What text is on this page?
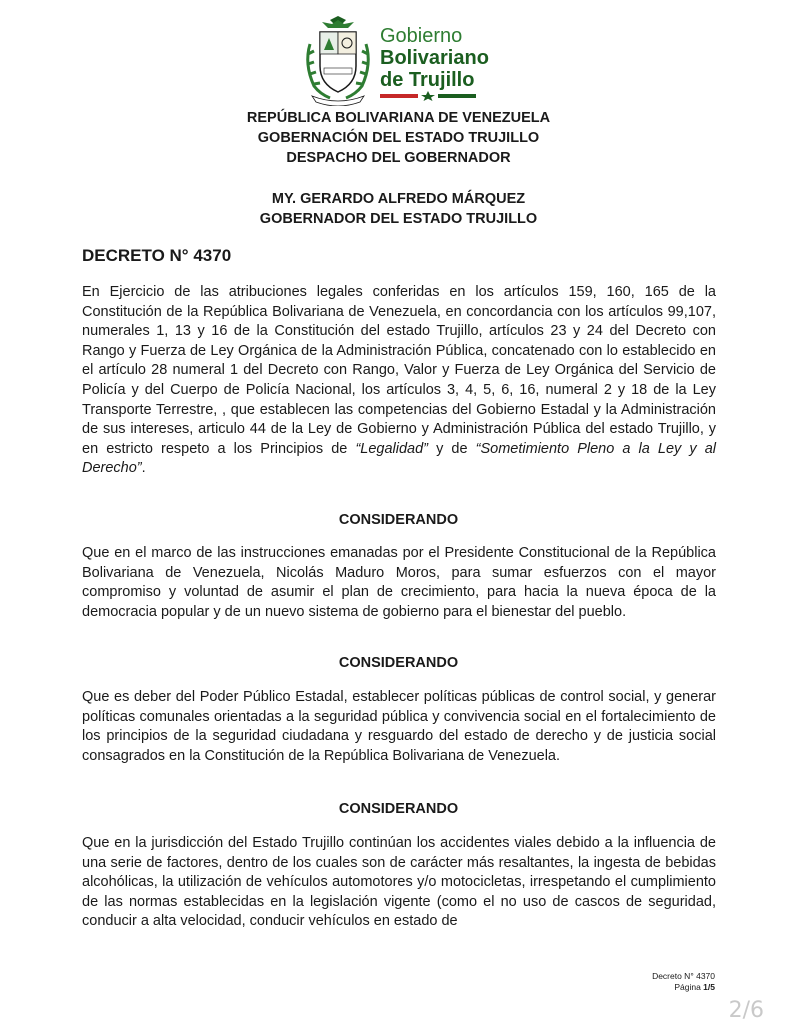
Gobierno
Bolivariano
de Trujillo
REPÚBLICA BOLIVARIANA DE VENEZUELA
GOBERNACIÓN DEL ESTADO TRUJILLO
DESPACHO DEL GOBERNADOR
MY. GERARDO ALFREDO MÁRQUEZ
GOBERNADOR DEL ESTADO TRUJILLO
DECRETO N° 4370

En Ejercicio de las atribuciones legales conferidas en los artículos 159, 160, 165 de la Constitución de la República Bolivariana de Venezuela, en concordancia con los artículos 99,107, numerales 1, 13 y 16 de la Constitución del estado Trujillo, artículos 23 y 24 del Decreto con Rango y Fuerza de Ley Orgánica de la Administración Pública, concatenado con lo establecido en el artículo 28 numeral 1 del Decreto con Rango, Valor y Fuerza de Ley Orgánica del Servicio de Policía y del Cuerpo de Policía Nacional, los artículos 3, 4, 5, 6, 16, numeral 2 y 18 de la Ley Transporte Terrestre, , que establecen las competencias del Gobierno Estadal y la Administración de sus intereses, articulo 44 de la Ley de Gobierno y Administración Pública del estado Trujillo, y en estricto respeto a los Principios de “Legalidad” y de “Sometimiento Pleno a la Ley y al Derecho”.

CONSIDERANDO

Que en el marco de las instrucciones emanadas por el Presidente Constitucional de la República Bolivariana de Venezuela, Nicolás Maduro Moros, para sumar esfuerzos con el mayor compromiso y voluntad de asumir el plan de crecimiento, para hacia la nueva época de la democracia popular y de un nuevo sistema de gobierno para el bienestar del pueblo.

CONSIDERANDO

Que es deber del Poder Público Estadal, establecer políticas públicas de control social, y generar políticas comunales orientadas a la seguridad pública y convivencia social en el fortalecimiento de los principios de la seguridad ciudadana y resguardo del estado de derecho y de justicia social consagrados en la Constitución de la República Bolivariana de Venezuela.

CONSIDERANDO

Que en la jurisdicción del Estado Trujillo continúan los accidentes viales debido a la influencia de una serie de factores, dentro de los cuales son de carácter más resaltantes, la ingesta de bebidas alcohólicas, la utilización de vehículos automotores y/o motocicletas, irrespetando el cumplimiento de las normas establecidas en la legislación vigente (como el no uso de cascos de seguridad, conducir a alta velocidad, conducir vehículos en estado de

Decreto N° 4370
Página 1/5
2/6
